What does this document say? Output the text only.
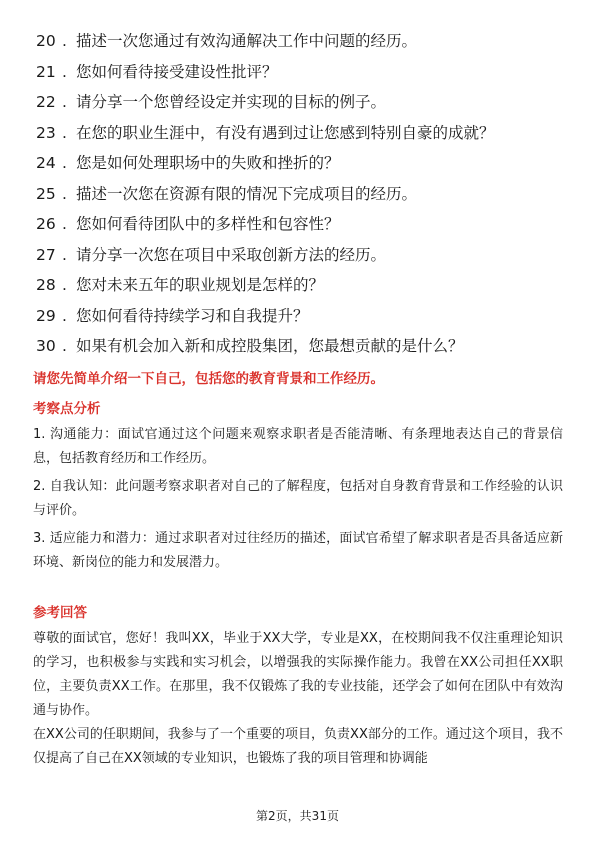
20 . 描述一次您通过有效沟通解决工作中问题的经历。
21 . 您如何看待接受建设性批评？
22 . 请分享一个您曾经设定并实现的目标的例子。
23 . 在您的职业生涯中，有没有遇到过让您感到特别自豪的成就？
24 . 您是如何处理职场中的失败和挫折的？
25 . 描述一次您在资源有限的情况下完成项目的经历。
26 . 您如何看待团队中的多样性和包容性？
27 . 请分享一次您在项目中采取创新方法的经历。
28 . 您对未来五年的职业规划是怎样的？
29 . 您如何看待持续学习和自我提升？
30 . 如果有机会加入新和成控股集团，您最想贡献的是什么？
请您先简单介绍一下自己，包括您的教育背景和工作经历。
考察点分析

1. 沟通能力：面试官通过这个问题来观察求职者是否能清晰、有条理地表达自己的背景信息，包括教育经历和工作经历。

2. 自我认知：此问题考察求职者对自己的了解程度，包括对自身教育背景和工作经验的认识与评价。

3. 适应能力和潜力：通过求职者对过往经历的描述，面试官希望了解求职者是否具备适应新环境、新岗位的能力和发展潜力。

参考回答

尊敬的面试官，您好！我叫XX，毕业于XX大学，专业是XX，在校期间我不仅注重理论知识的学习，也积极参与实践和实习机会，以增强我的实际操作能力。我曾在XX公司担任XX职位，主要负责XX工作。在那里，我不仅锻炼了我的专业技能，还学会了如何在团队中有效沟通与协作。

在XX公司的任职期间，我参与了一个重要的项目，负责XX部分的工作。通过这个项目，我不仅提高了自己在XX领域的专业知识，也锻炼了我的项目管理和协调能

第2页，共31页
